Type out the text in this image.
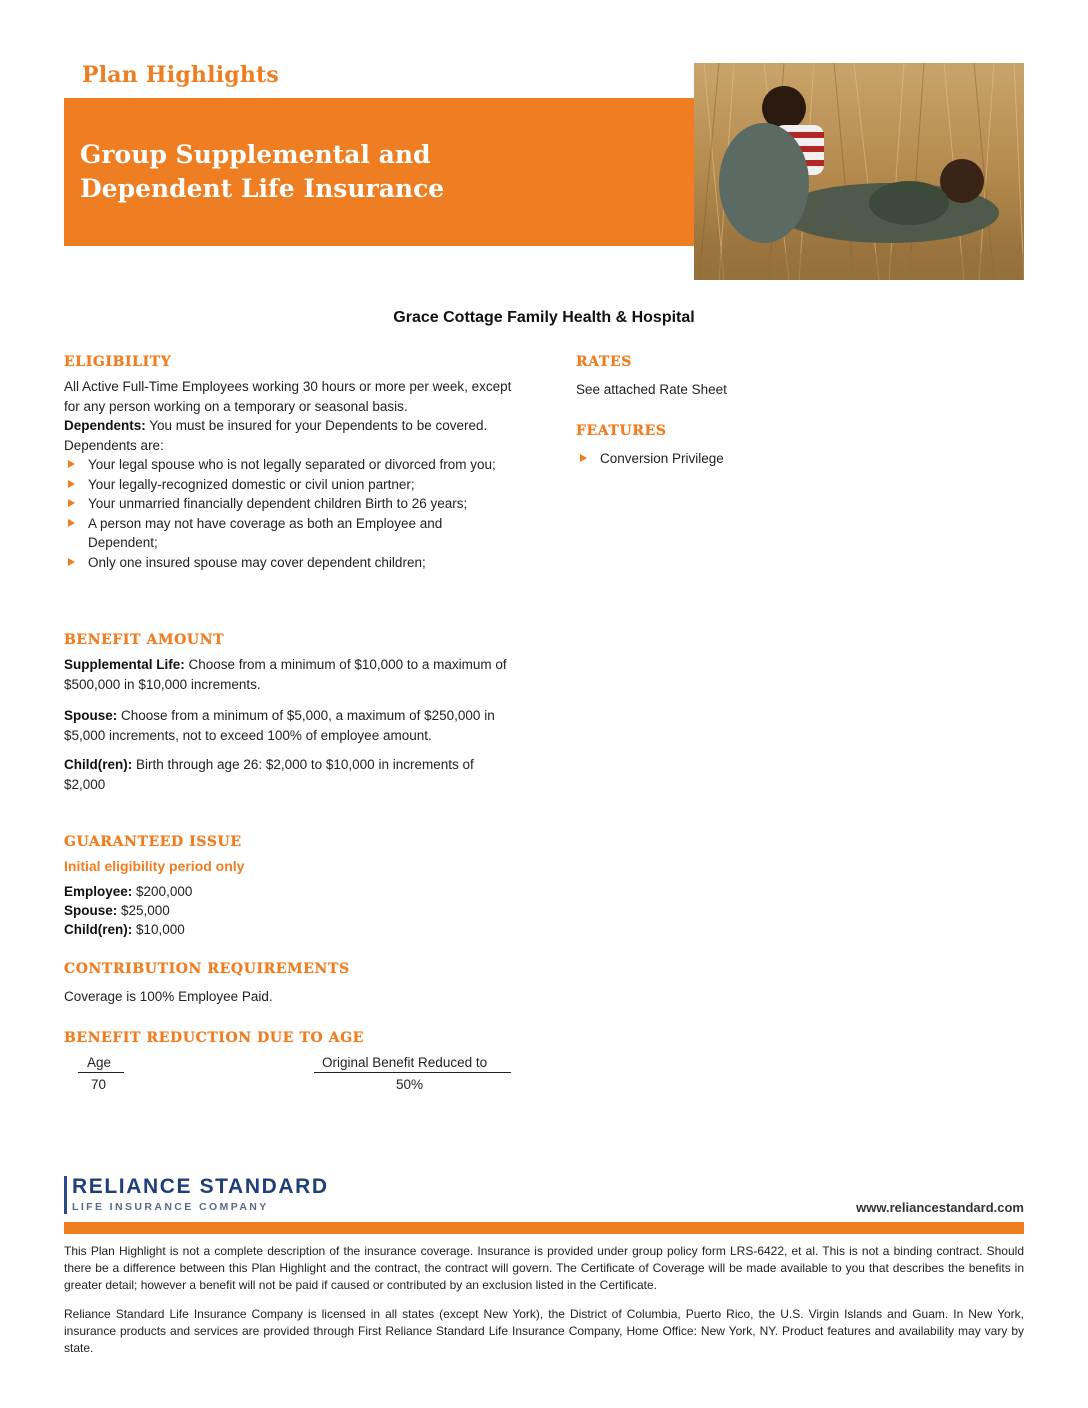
Plan Highlights
Group Supplemental and
Dependent Life Insurance
Grace Cottage Family Health & Hospital
ELIGIBILITY
All Active Full-Time Employees working 30 hours or more per week, except for any person working on a temporary or seasonal basis.
Dependents: You must be insured for your Dependents to be covered. Dependents are:
Your legal spouse who is not legally separated or divorced from you;
Your legally-recognized domestic or civil union partner;
Your unmarried financially dependent children Birth to 26 years;
A person may not have coverage as both an Employee and Dependent;
Only one insured spouse may cover dependent children;
BENEFIT AMOUNT
Supplemental Life: Choose from a minimum of $10,000 to a maximum of $500,000 in $10,000 increments.
Spouse: Choose from a minimum of $5,000, a maximum of $250,000 in $5,000 increments, not to exceed 100% of employee amount.
Child(ren): Birth through age 26: $2,000 to $10,000 in increments of $2,000
GUARANTEED ISSUE
Initial eligibility period only
Employee: $200,000
Spouse: $25,000
Child(ren): $10,000
CONTRIBUTION REQUIREMENTS
Coverage is 100% Employee Paid.
BENEFIT REDUCTION DUE TO AGE
Age	Original Benefit Reduced to
70	50%
RATES
See attached Rate Sheet
FEATURES
Conversion Privilege
RELIANCE STANDARD
LIFE INSURANCE COMPANY	www.reliancestandard.com
This Plan Highlight is not a complete description of the insurance coverage. Insurance is provided under group policy form LRS-6422, et al. This is not a binding contract. Should there be a difference between this Plan Highlight and the contract, the contract will govern. The Certificate of Coverage will be made available to you that describes the benefits in greater detail; however a benefit will not be paid if caused or contributed by an exclusion listed in the Certificate.
Reliance Standard Life Insurance Company is licensed in all states (except New York), the District of Columbia, Puerto Rico, the U.S. Virgin Islands and Guam. In New York, insurance products and services are provided through First Reliance Standard Life Insurance Company, Home Office: New York, NY. Product features and availability may vary by state.
